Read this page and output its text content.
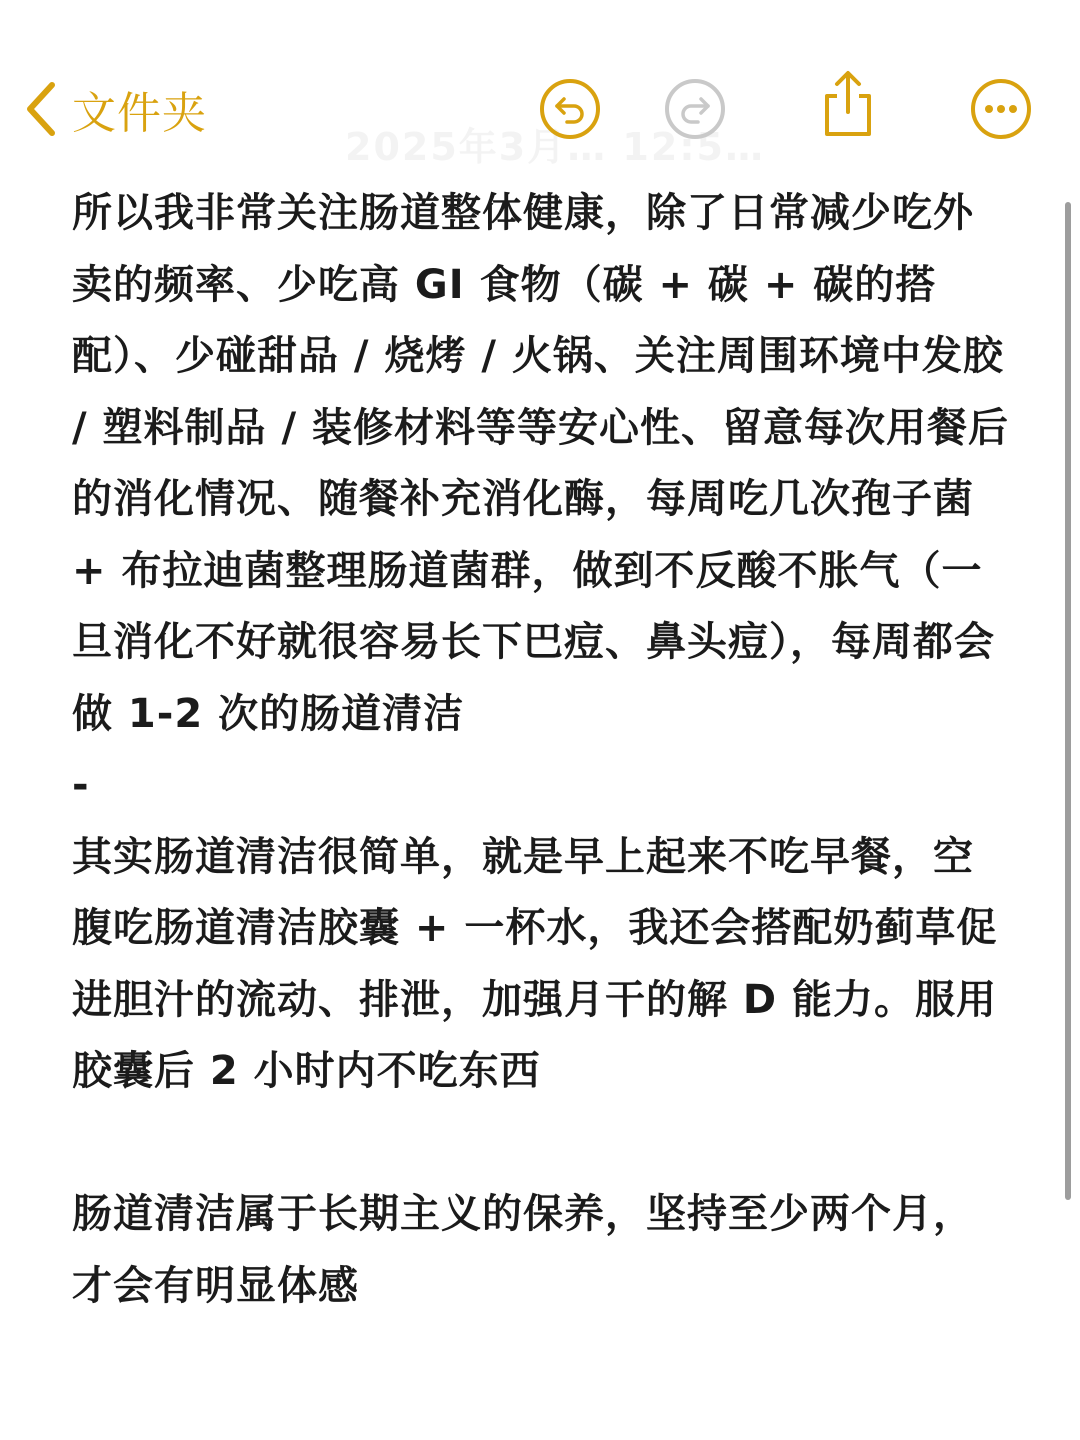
文件夹
2025年3月… 12:5…

所以我非常关注肠道整体健康，除了日常减少吃外卖的频率、少吃高 GI 食物（碳 + 碳 + 碳的搭配）、少碰甜品 / 烧烤 / 火锅、关注周围环境中发胶 / 塑料制品 / 装修材料等等安心性、留意每次用餐后的消化情况、随餐补充消化酶，每周吃几次孢子菌 + 布拉迪菌整理肠道菌群，做到不反酸不胀气（一旦消化不好就很容易长下巴痘、鼻头痘），每周都会做 1-2 次的肠道清洁

-

其实肠道清洁很简单，就是早上起来不吃早餐，空腹吃肠道清洁胶囊 + 一杯水，我还会搭配奶蓟草促进胆汁的流动、排泄，加强月干的解 D 能力。服用胶囊后 2 小时内不吃东西

肠道清洁属于长期主义的保养，坚持至少两个月，才会有明显体感
